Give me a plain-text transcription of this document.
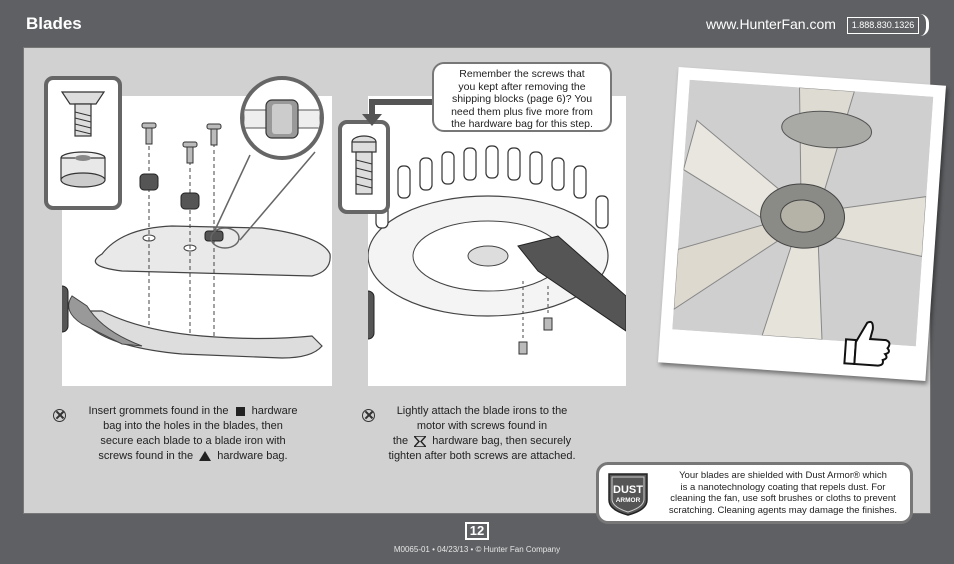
Blades	www.HunterFan.com	1.888.830.1326
Remember the screws that
you kept after removing the
shipping blocks (page 6)? You
need them plus five more from
the hardware bag for this step.
Insert grommets found in the hardware
bag into the holes in the blades, then
secure each blade to a blade iron with
screws found in the hardware bag.
Lightly attach the blade irons to the
motor with screws found in
the hardware bag, then securely
tighten after both screws are attached.
DUST
ARMOR
Your blades are shielded with Dust Armor® which
is a nanotechnology coating that repels dust. For
cleaning the fan, use soft brushes or cloths to prevent
scratching. Cleaning agents may damage the finishes.
12
M0065-01 • 04/23/13 • © Hunter Fan Company
